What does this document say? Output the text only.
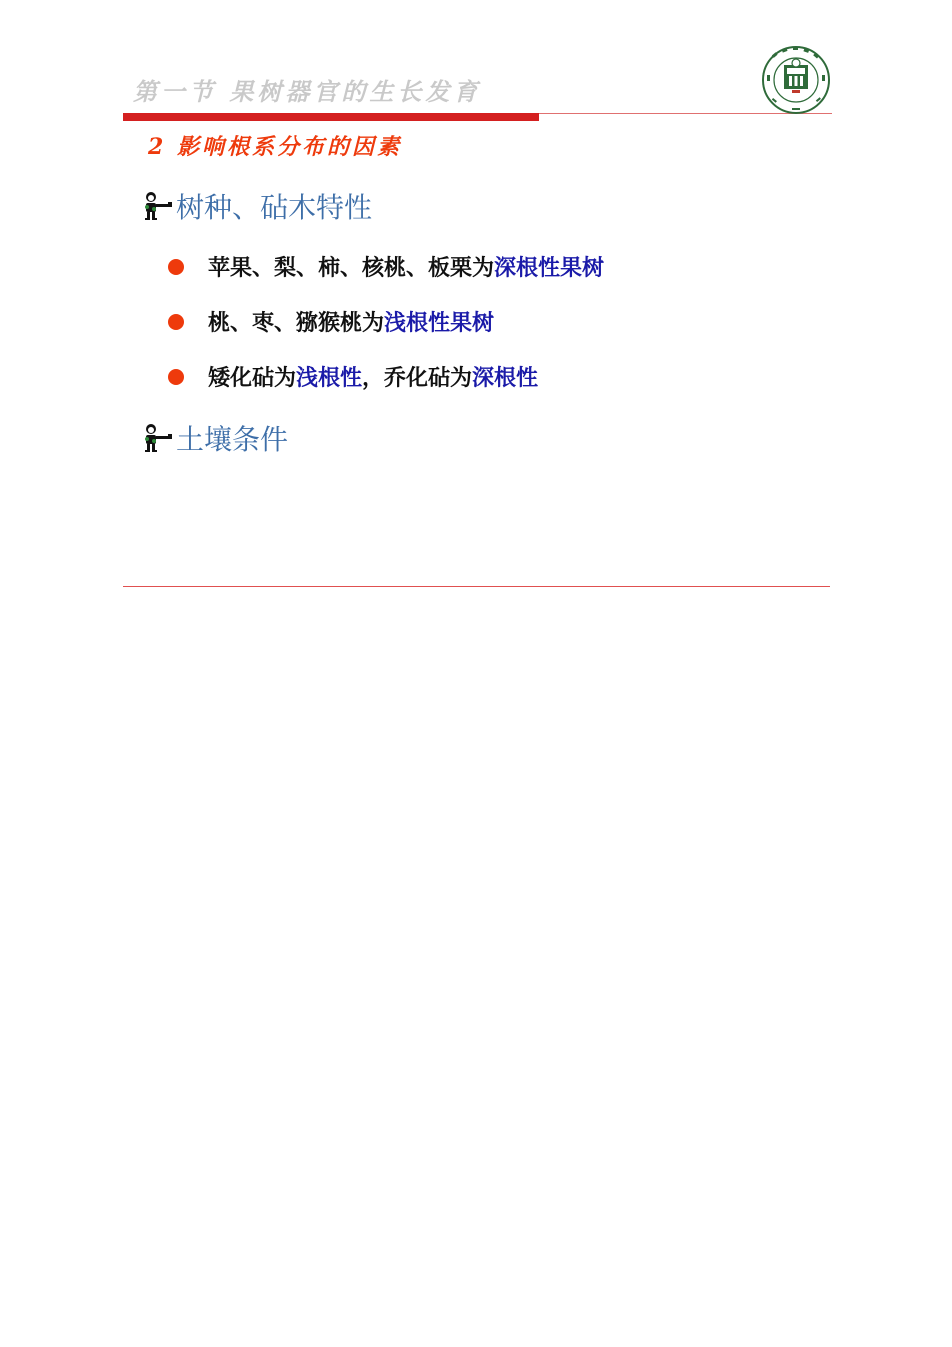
第一节 果树器官的生长发育
2 影响根系分布的因素
树种、砧木特性
苹果、梨、柿、核桃、板栗为 深根性果树
桃、枣、猕猴桃为 浅根性果树
矮化砧为 浅根性 ，乔化砧为 深根性
土壤条件
